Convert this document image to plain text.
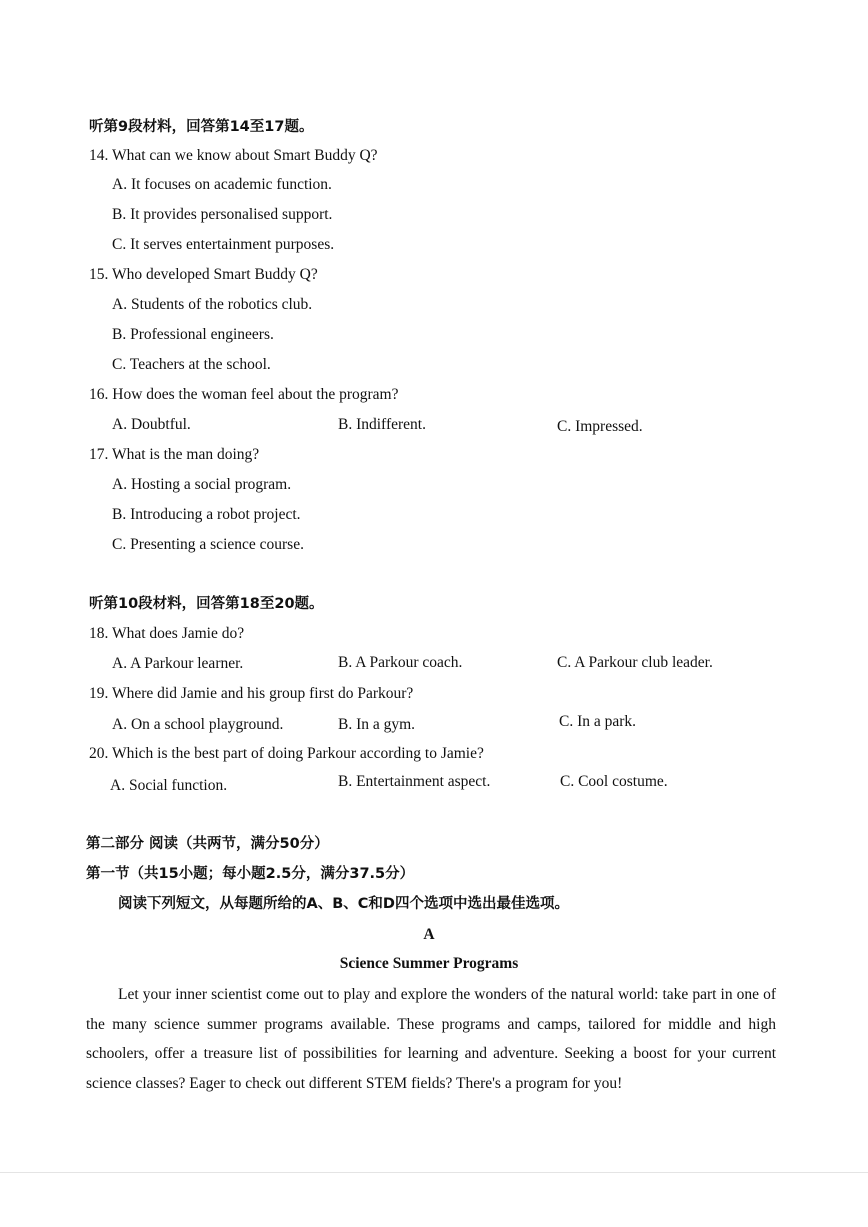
听第9段材料，回答第14至17题。
14. What can we know about Smart Buddy Q?
A. It focuses on academic function.
B. It provides personalised support.
C. It serves entertainment purposes.
15. Who developed Smart Buddy Q?
A. Students of the robotics club.
B. Professional engineers.
C. Teachers at the school.
16. How does the woman feel about the program?
A. Doubtful.	B. Indifferent.	C. Impressed.
17. What is the man doing?
A. Hosting a social program.
B. Introducing a robot project.
C. Presenting a science course.
听第10段材料，回答第18至20题。
18. What does Jamie do?
A. A Parkour learner.	B. A Parkour coach.	C. A Parkour club leader.
19. Where did Jamie and his group first do Parkour?
A. On a school playground.	B. In a gym.	C. In a park.
20. Which is the best part of doing Parkour according to Jamie?
A. Social function.	B. Entertainment aspect.	C. Cool costume.
第二部分 阅读（共两节，满分50分）
第一节（共15小题；每小题2.5分，满分37.5分）
阅读下列短文，从每题所给的A、B、C和D四个选项中选出最佳选项。
A
Science Summer Programs
Let your inner scientist come out to play and explore the wonders of the natural world: take part in one of the many science summer programs available. These programs and camps, tailored for middle and high schoolers, offer a treasure list of possibilities for learning and adventure. Seeking a boost for your current science classes? Eager to check out different STEM fields? There's a program for you!
